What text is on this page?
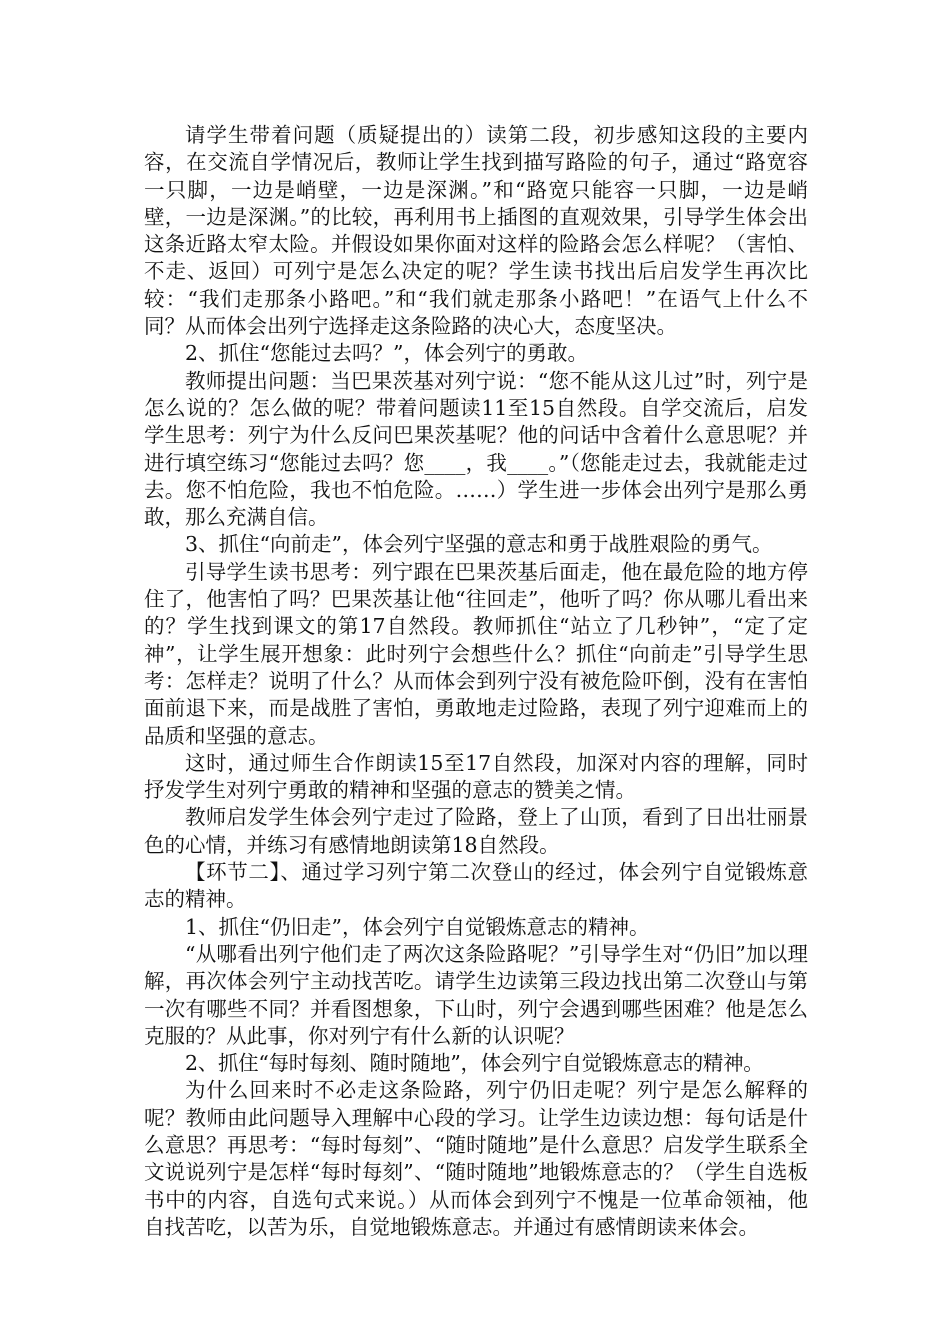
请学生带着问题（质疑提出的）读第二段，初步感知这段的主要内容，在交流自学情况后，教师让学生找到描写路险的句子，通过“路宽容一只脚，一边是峭壁，一边是深渊。”和“路宽只能容一只脚，一边是峭壁，一边是深渊。”的比较，再利用书上插图的直观效果，引导学生体会出这条近路太窄太险。并假设如果你面对这样的险路会怎么样呢？（害怕、不走、返回）可列宁是怎么决定的呢？学生读书找出后启发学生再次比较：“我们走那条小路吧。”和“我们就走那条小路吧！”在语气上什么不同？从而体会出列宁选择走这条险路的决心大，态度坚决。

2、抓住“您能过去吗？”，体会列宁的勇敢。

教师提出问题：当巴果茨基对列宁说：“您不能从这儿过”时，列宁是怎么说的？怎么做的呢？带着问题读11至15自然段。自学交流后，启发学生思考：列宁为什么反问巴果茨基呢？他的问话中含着什么意思呢？并进行填空练习“您能过去吗？您____，我____。”（您能走过去，我就能走过去。您不怕危险，我也不怕危险。……）学生进一步体会出列宁是那么勇敢，那么充满自信。

3、抓住“向前走”，体会列宁坚强的意志和勇于战胜艰险的勇气。

引导学生读书思考：列宁跟在巴果茨基后面走，他在最危险的地方停住了，他害怕了吗？巴果茨基让他“往回走”，他听了吗？你从哪儿看出来的？学生找到课文的第17自然段。教师抓住“站立了几秒钟”，“定了定神”，让学生展开想象：此时列宁会想些什么？抓住“向前走”引导学生思考：怎样走？说明了什么？从而体会到列宁没有被危险吓倒，没有在害怕面前退下来，而是战胜了害怕，勇敢地走过险路，表现了列宁迎难而上的品质和坚强的意志。

这时，通过师生合作朗读15至17自然段，加深对内容的理解，同时抒发学生对列宁勇敢的精神和坚强的意志的赞美之情。

教师启发学生体会列宁走过了险路，登上了山顶，看到了日出壮丽景色的心情，并练习有感情地朗读第18自然段。

【环节二】、通过学习列宁第二次登山的经过，体会列宁自觉锻炼意志的精神。

1、抓住“仍旧走”，体会列宁自觉锻炼意志的精神。

“从哪看出列宁他们走了两次这条险路呢？”引导学生对“仍旧”加以理解，再次体会列宁主动找苦吃。请学生边读第三段边找出第二次登山与第一次有哪些不同？并看图想象，下山时，列宁会遇到哪些困难？他是怎么克服的？从此事，你对列宁有什么新的认识呢？

2、抓住“每时每刻、随时随地”，体会列宁自觉锻炼意志的精神。

为什么回来时不必走这条险路，列宁仍旧走呢？列宁是怎么解释的呢？教师由此问题导入理解中心段的学习。让学生边读边想：每句话是什么意思？再思考：“每时每刻”、“随时随地”是什么意思？启发学生联系全文说说列宁是怎样“每时每刻”、“随时随地”地锻炼意志的？（学生自选板书中的内容，自选句式来说。）从而体会到列宁不愧是一位革命领袖，他自找苦吃，以苦为乐，自觉地锻炼意志。并通过有感情朗读来体会。
